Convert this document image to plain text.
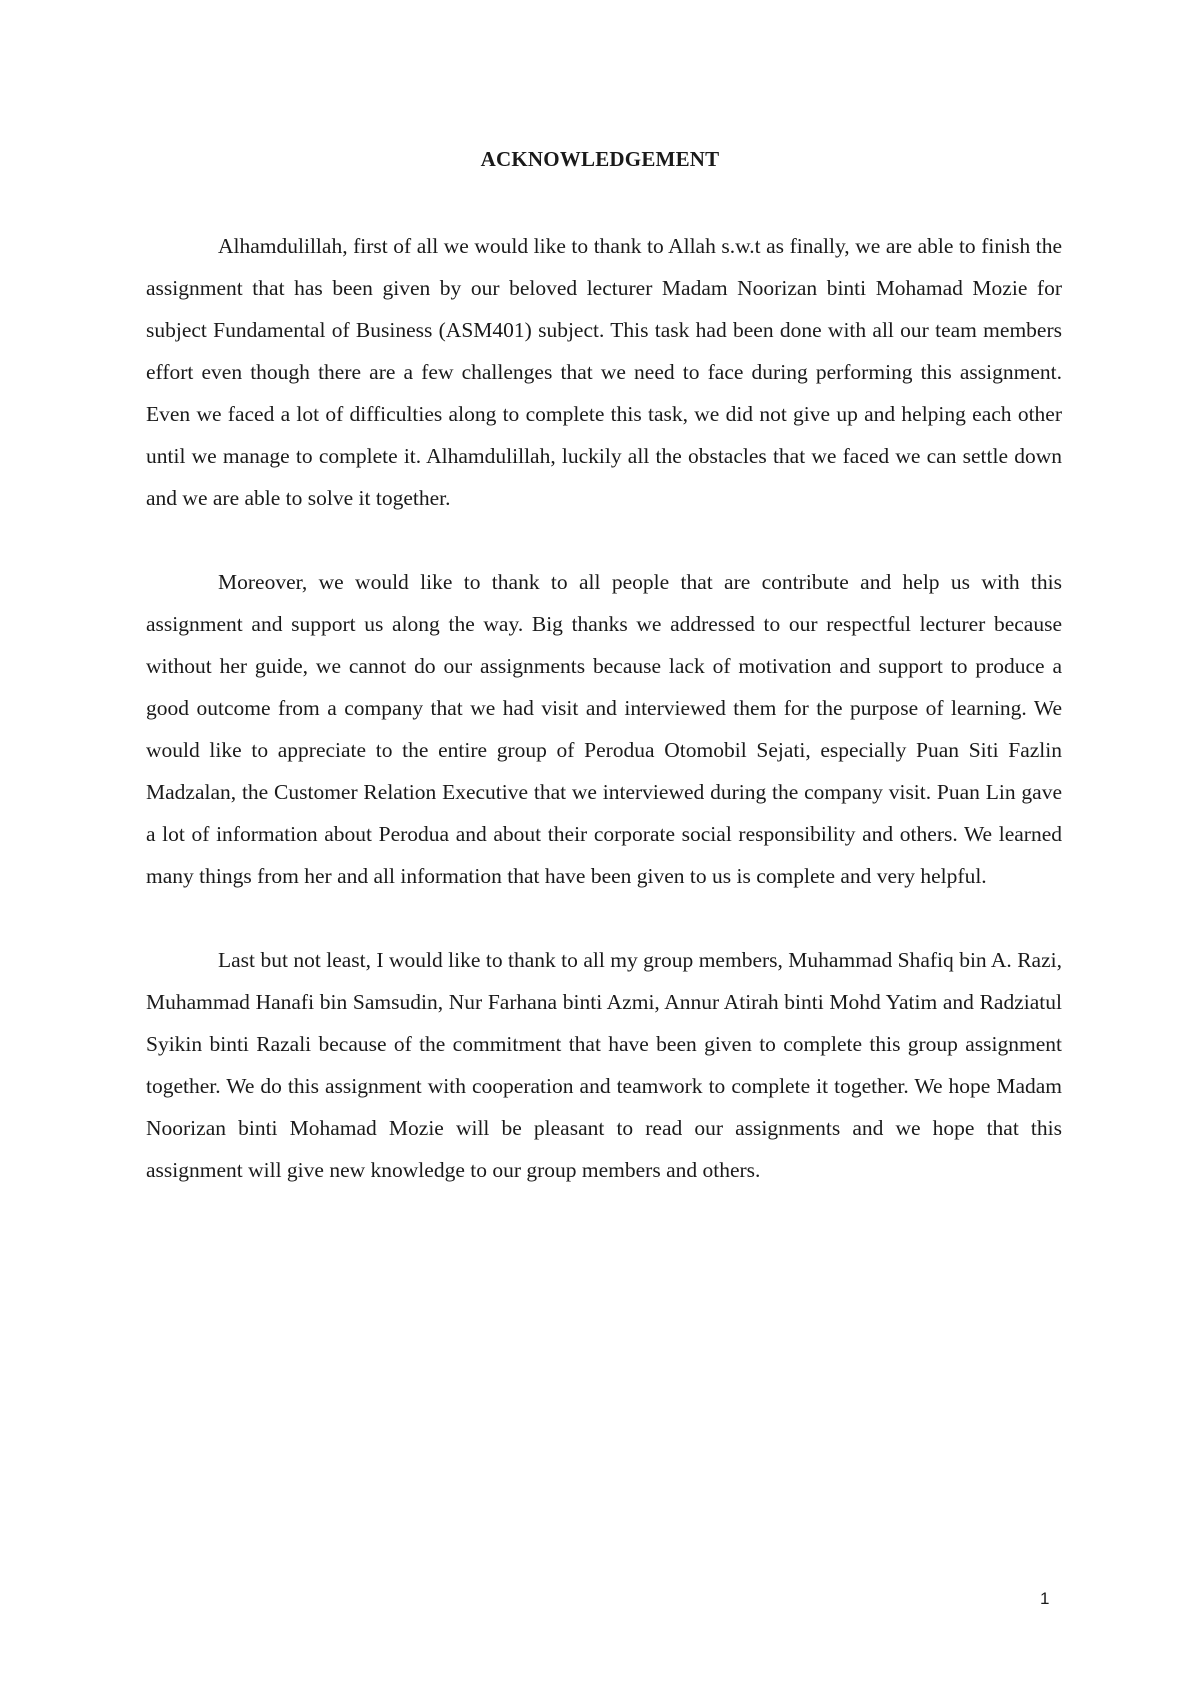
ACKNOWLEDGEMENT

Alhamdulillah, first of all we would like to thank to Allah s.w.t as finally, we are able to finish the assignment that has been given by our beloved lecturer Madam Noorizan binti Mohamad Mozie for subject Fundamental of Business (ASM401) subject. This task had been done with all our team members effort even though there are a few challenges that we need to face during performing this assignment. Even we faced a lot of difficulties along to complete this task, we did not give up and helping each other until we manage to complete it. Alhamdulillah, luckily all the obstacles that we faced we can settle down and we are able to solve it together.

Moreover, we would like to thank to all people that are contribute and help us with this assignment and support us along the way. Big thanks we addressed to our respectful lecturer because without her guide, we cannot do our assignments because lack of motivation and support to produce a good outcome from a company that we had visit and interviewed them for the purpose of learning. We would like to appreciate to the entire group of Perodua Otomobil Sejati, especially Puan Siti Fazlin Madzalan, the Customer Relation Executive that we interviewed during the company visit. Puan Lin gave a lot of information about Perodua and about their corporate social responsibility and others. We learned many things from her and all information that have been given to us is complete and very helpful.

Last but not least, I would like to thank to all my group members, Muhammad Shafiq bin A. Razi, Muhammad Hanafi bin Samsudin, Nur Farhana binti Azmi, Annur Atirah binti Mohd Yatim and Radziatul Syikin binti Razali because of the commitment that have been given to complete this group assignment together. We do this assignment with cooperation and teamwork to complete it together. We hope Madam Noorizan binti Mohamad Mozie will be pleasant to read our assignments and we hope that this assignment will give new knowledge to our group members and others.

1
